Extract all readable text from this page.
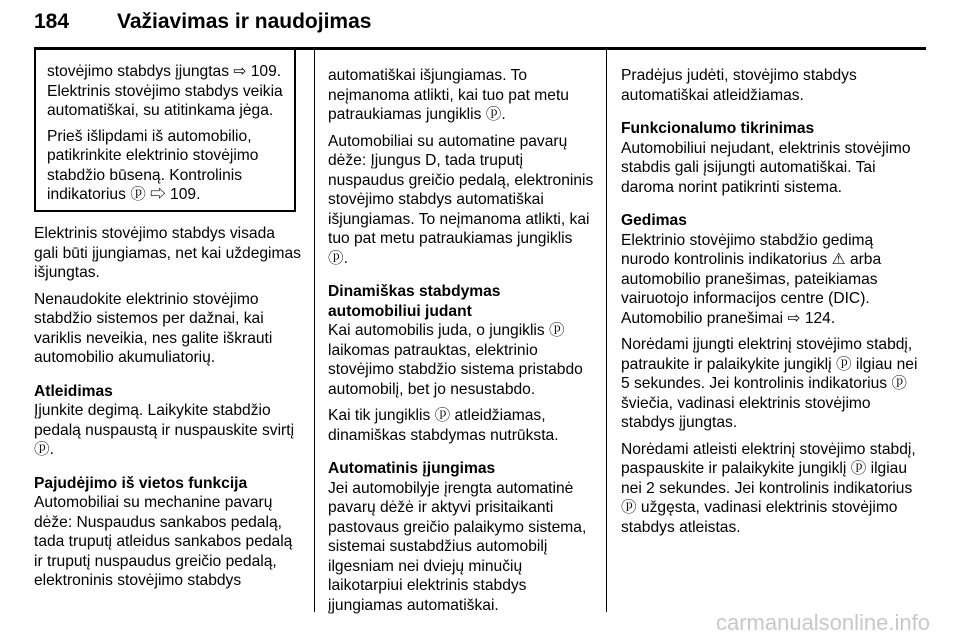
184 Važiavimas ir naudojimas

stovėjimo stabdys įjungtas ⇨ 109. Elektrinis stovėjimo stabdys veikia automatiškai, su atitinkama jėga.

Prieš išlipdami iš automobilio, patikrinkite elektrinio stovėjimo stabdžio būseną. Kontrolinis indikatorius ⓟ ⇨ 109.

Elektrinis stovėjimo stabdys visada gali būti įjungiamas, net kai uždegimas išjungtas.

Nenaudokite elektrinio stovėjimo stabdžio sistemos per dažnai, kai variklis neveikia, nes galite iškrauti automobilio akumuliatorių.

Atleidimas

Įjunkite degimą. Laikykite stabdžio pedalą nuspaustą ir nuspauskite svirtį ⓟ.

Pajudėjimo iš vietos funkcija

Automobiliai su mechanine pavarų dėže: Nuspaudus sankabos pedalą, tada truputį atleidus sankabos pedalą ir truputį nuspaudus greičio pedalą, elektroninis stovėjimo stabdys

automatiškai išjungiamas. To neįmanoma atlikti, kai tuo pat metu patraukiamas jungiklis ⓟ.

Automobiliai su automatine pavarų dėže: Įjungus D, tada truputį nuspaudus greičio pedalą, elektroninis stovėjimo stabdys automatiškai išjungiamas. To neįmanoma atlikti, kai tuo pat metu patraukiamas jungiklis ⓟ.

Dinamiškas stabdymas automobiliui judant

Kai automobilis juda, o jungiklis ⓟ laikomas patrauktas, elektrinio stovėjimo stabdžio sistema pristabdo automobilį, bet jo nesustabdo.

Kai tik jungiklis ⓟ atleidžiamas, dinamiškas stabdymas nutrūksta.

Automatinis įjungimas

Jei automobilyje įrengta automatinė pavarų dėžė ir aktyvi prisitaikanti pastovaus greičio palaikymo sistema, sistemai sustabdžius automobilį ilgesniam nei dviejų minučių laikotarpiui elektrinis stabdys įjungiamas automatiškai.

Pradėjus judėti, stovėjimo stabdys automatiškai atleidžiamas.

Funkcionalumo tikrinimas

Automobiliui nejudant, elektrinis stovėjimo stabdis gali įsijungti automatiškai. Tai daroma norint patikrinti sistema.

Gedimas

Elektrinio stovėjimo stabdžio gedimą nurodo kontrolinis indikatorius ⚠ arba automobilio pranešimas, pateikiamas vairuotojo informacijos centre (DIC). Automobilio pranešimai ⇨ 124.

Norėdami įjungti elektrinį stovėjimo stabdį, patraukite ir palaikykite jungiklį ⓟ ilgiau nei 5 sekundes. Jei kontrolinis indikatorius ⓟ šviečia, vadinasi elektrinis stovėjimo stabdys įjungtas.

Norėdami atleisti elektrinį stovėjimo stabdį, paspauskite ir palaikykite jungiklį ⓟ ilgiau nei 2 sekundes. Jei kontrolinis indikatorius ⓟ užgęsta, vadinasi elektrinis stovėjimo stabdys atleistas.

carmanualsonline.info
